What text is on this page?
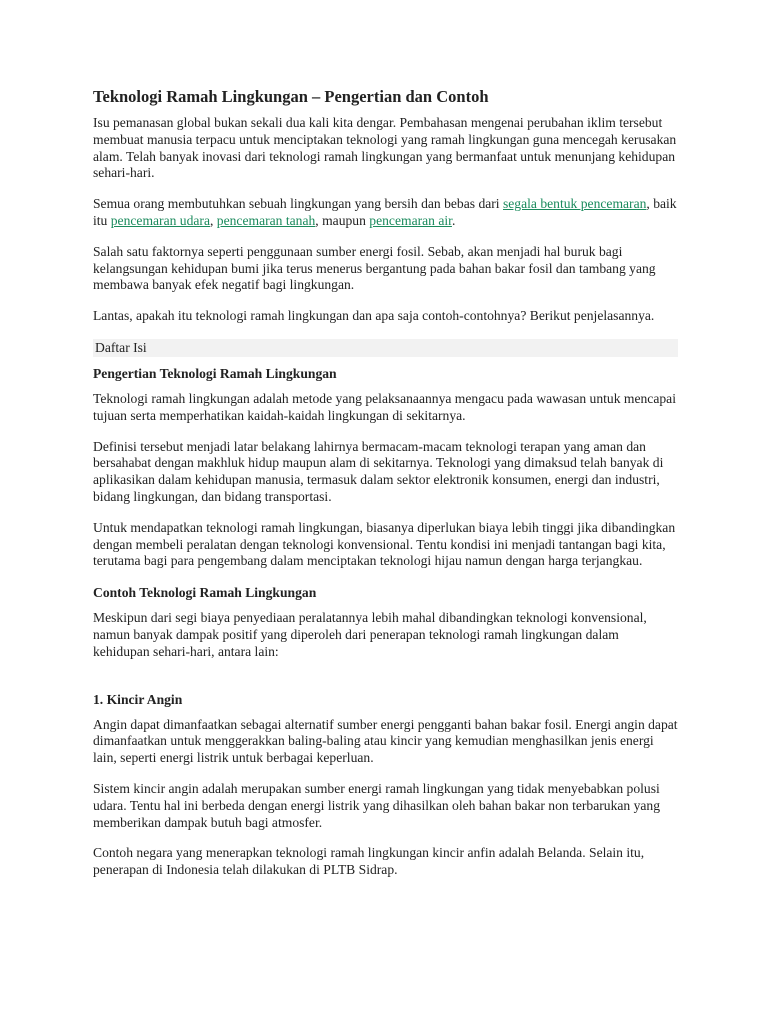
Teknologi Ramah Lingkungan – Pengertian dan Contoh

Isu pemanasan global bukan sekali dua kali kita dengar. Pembahasan mengenai perubahan iklim tersebut membuat manusia terpacu untuk menciptakan teknologi yang ramah lingkungan guna mencegah kerusakan alam. Telah banyak inovasi dari teknologi ramah lingkungan yang bermanfaat untuk menunjang kehidupan sehari-hari.

Semua orang membutuhkan sebuah lingkungan yang bersih dan bebas dari segala bentuk pencemaran, baik itu pencemaran udara, pencemaran tanah, maupun pencemaran air.

Salah satu faktornya seperti penggunaan sumber energi fosil. Sebab, akan menjadi hal buruk bagi kelangsungan kehidupan bumi jika terus menerus bergantung pada bahan bakar fosil dan tambang yang membawa banyak efek negatif bagi lingkungan.

Lantas, apakah itu teknologi ramah lingkungan dan apa saja contoh-contohnya? Berikut penjelasannya.

Daftar Isi
Pengertian Teknologi Ramah Lingkungan

Teknologi ramah lingkungan adalah metode yang pelaksanaannya mengacu pada wawasan untuk mencapai tujuan serta memperhatikan kaidah-kaidah lingkungan di sekitarnya.

Definisi tersebut menjadi latar belakang lahirnya bermacam-macam teknologi terapan yang aman dan bersahabat dengan makhluk hidup maupun alam di sekitarnya. Teknologi yang dimaksud telah banyak di aplikasikan dalam kehidupan manusia, termasuk dalam sektor elektronik konsumen, energi dan industri, bidang lingkungan, dan bidang transportasi.

Untuk mendapatkan teknologi ramah lingkungan, biasanya diperlukan biaya lebih tinggi jika dibandingkan dengan membeli peralatan dengan teknologi konvensional. Tentu kondisi ini menjadi tantangan bagi kita, terutama bagi para pengembang dalam menciptakan teknologi hijau namun dengan harga terjangkau.

Contoh Teknologi Ramah Lingkungan

Meskipun dari segi biaya penyediaan peralatannya lebih mahal dibandingkan teknologi konvensional, namun banyak dampak positif yang diperoleh dari penerapan teknologi ramah lingkungan dalam kehidupan sehari-hari, antara lain:

1. Kincir Angin

Angin dapat dimanfaatkan sebagai alternatif sumber energi pengganti bahan bakar fosil. Energi angin dapat dimanfaatkan untuk menggerakkan baling-baling atau kincir yang kemudian menghasilkan jenis energi lain, seperti energi listrik untuk berbagai keperluan.

Sistem kincir angin adalah merupakan sumber energi ramah lingkungan yang tidak menyebabkan polusi udara. Tentu hal ini berbeda dengan energi listrik yang dihasilkan oleh bahan bakar non terbarukan yang memberikan dampak butuh bagi atmosfer.

Contoh negara yang menerapkan teknologi ramah lingkungan kincir anfin adalah Belanda. Selain itu, penerapan di Indonesia telah dilakukan di PLTB Sidrap.
